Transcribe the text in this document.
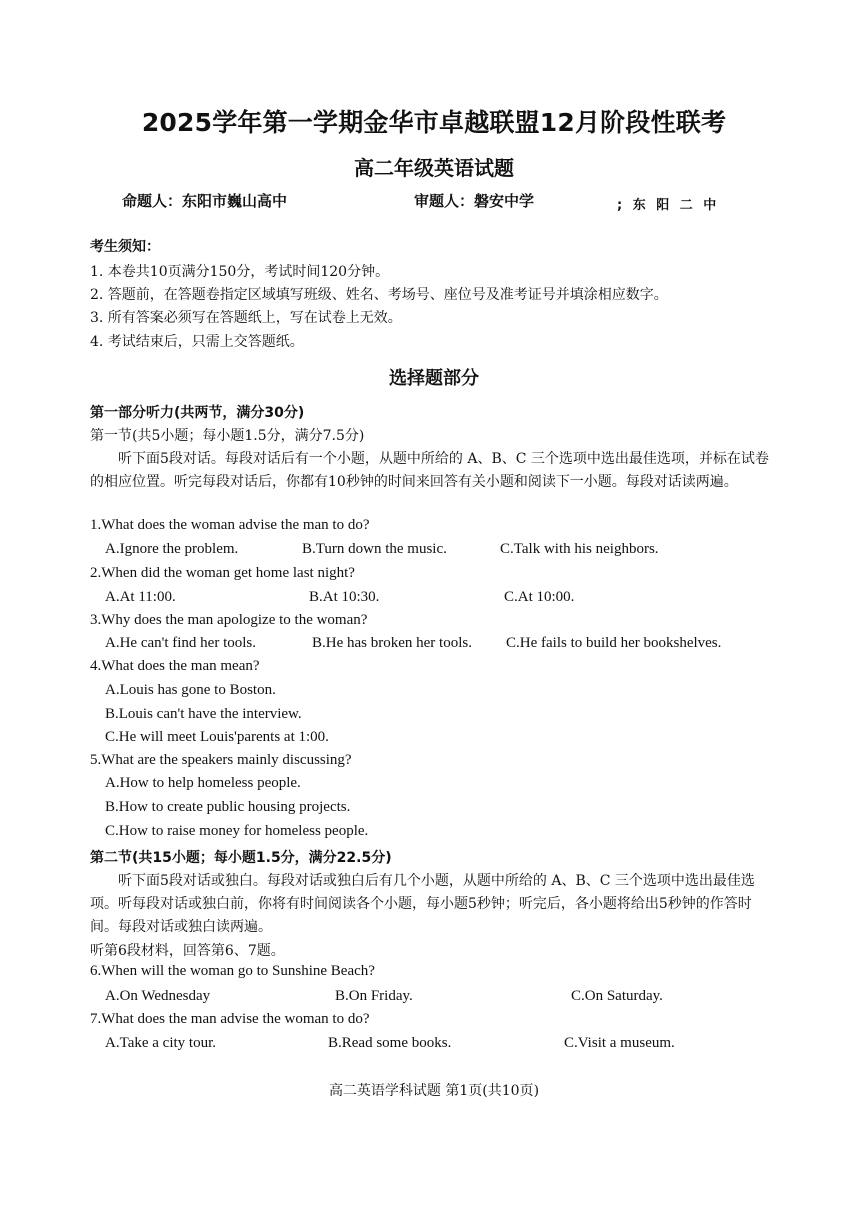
2025学年第一学期金华市卓越联盟12月阶段性联考
高二年级英语试题
命题人：东阳市巍山高中	审题人：磐安中学	; 东 阳 二 中
考生须知：
1. 本卷共10页满分150分，考试时间120分钟。
2. 答题前，在答题卷指定区域填写班级、姓名、考场号、座位号及准考证号并填涂相应数字。
3. 所有答案必须写在答题纸上，写在试卷上无效。
4. 考试结束后，只需上交答题纸。
选择题部分
第一部分听力(共两节，满分30分)
第一节(共5小题；每小题1.5分，满分7.5分)
听下面5段对话。每段对话后有一个小题，从题中所给的 A、B、C 三个选项中选出最佳选项，并标在试卷的相应位置。听完每段对话后，你都有10秒钟的时间来回答有关小题和阅读下一小题。每段对话读两遍。
1.What does the woman advise the man to do?
A.Ignore the problem.	B.Turn down the music.	C.Talk with his neighbors.
2.When did the woman get home last night?
A.At 11:00.	B.At 10:30.	C.At 10:00.
3.Why does the man apologize to the woman?
A.He can't find her tools.	B.He has broken her tools. C.He fails to build her bookshelves.
4.What does the man mean?
A.Louis has gone to Boston.
B.Louis can't have the interview.
C.He will meet Louis'parents at 1:00.
5.What are the speakers mainly discussing?
A.How to help homeless people.
B.How to create public housing projects.
C.How to raise money for homeless people.
第二节(共15小题；每小题1.5分，满分22.5分)
听下面5段对话或独白。每段对话或独白后有几个小题，从题中所给的 A、B、C 三个选项中选出最佳选项。听每段对话或独白前，你将有时间阅读各个小题，每小题5秒钟；听完后，各小题将给出5秒钟的作答时间。每段对话或独白读两遍。
听第6段材料，回答第6、7题。
6.When will the woman go to Sunshine Beach?
A.On Wednesday	B.On Friday.	C.On Saturday.
7.What does the man advise the woman to do?
A.Take a city tour.	B.Read some books.	C.Visit a museum.
高二英语学科试题 第1页(共10页)
